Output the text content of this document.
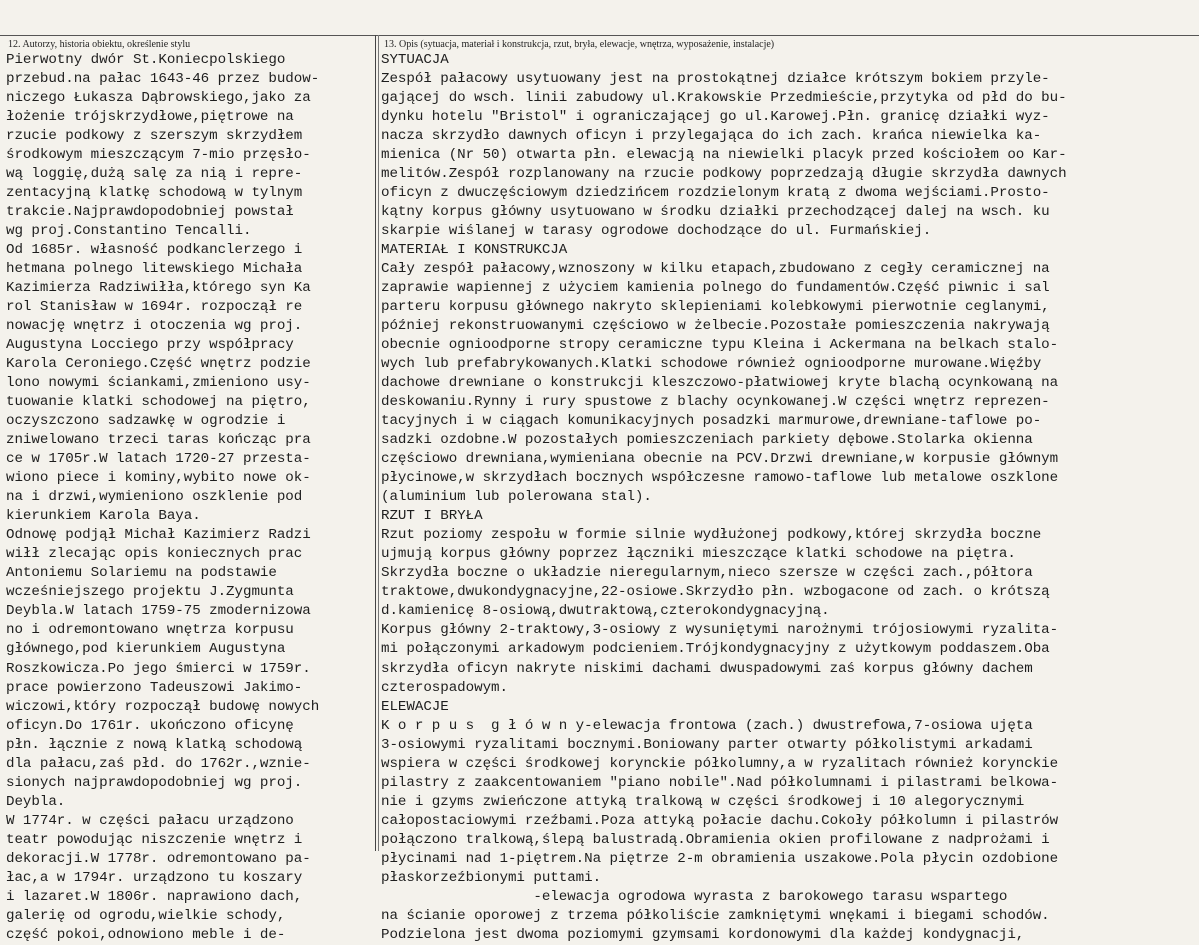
12. Autorzy, historia obiektu, określenie stylu	13. Opis (sytuacja, materiał i konstrukcja, rzut, bryła, elewacje, wnętrza, wyposażenie, instalacje)
Pierwotny dwór St.Koniecpolskiego
przebud.na pałac 1643-46 przez budow-
niczego Łukasza Dąbrowskiego,jako za
łożenie trójskrzydłowe,piętrowe na
rzucie podkowy z szerszym skrzydłem
środkowym mieszczącym 7-mio przęsło-
wą loggię,dużą salę za nią i repre-
zentacyjną klatkę schodową w tylnym
trakcie.Najprawdopodobniej powstał
wg proj.Constantino Tencalli.
Od 1685r. własność podkanclerzego i
hetmana polnego litewskiego Michała
Kazimierza Radziwiłła,którego syn Ka
rol Stanisław w 1694r. rozpoczął re
nowację wnętrz i otoczenia wg proj.
Augustyna Locciego przy współpracy
Karola Ceroniego.Część wnętrz podzie
lono nowymi ściankami,zmieniono usy-
tuowanie klatki schodowej na piętro,
oczyszczono sadzawkę w ogrodzie i
zniwelowano trzeci taras kończąc pra
ce w 1705r.W latach 1720-27 przesta-
wiono piece i kominy,wybito nowe ok-
na i drzwi,wymieniono oszklenie pod
kierunkiem Karola Baya.
Odnowę podjął Michał Kazimierz Radzi
wiłł zlecając opis koniecznych prac
Antoniemu Solariemu na podstawie
wcześniejszego projektu J.Zygmunta
Deybla.W latach 1759-75 zmodernizowa
no i odremontowano wnętrza korpusu
głównego,pod kierunkiem Augustyna
Roszkowicza.Po jego śmierci w 1759r.
prace powierzono Tadeuszowi Jakimo-
wiczowi,który rozpoczął budowę nowych
oficyn.Do 1761r. ukończono oficynę
płn. łącznie z nową klatką schodową
dla pałacu,zaś płd. do 1762r.,wznie-
sionych najprawdopodobniej wg proj.
Deybla.
W 1774r. w części pałacu urządzono
teatr powodując niszczenie wnętrz i
dekoracji.W 1778r. odremontowano pa-
łac,a w 1794r. urządzono tu koszary
i lazaret.W 1806r. naprawiono dach,
galerię od ogrodu,wielkie schody,
część pokoi,odnowiono meble i de-
SYTUACJA
Zespół pałacowy usytuowany jest na prostokątnej działce krótszym bokiem przyle-
gającej do wsch. linii zabudowy ul.Krakowskie Przedmieście,przytyka od płd do bu-
dynku hotelu "Bristol" i ograniczającej go ul.Karowej.Płn. granicę działki wyz-
nacza skrzydło dawnych oficyn i przylegająca do ich zach. krańca niewielka ka-
mienica (Nr 50) otwarta płn. elewacją na niewielki placyk przed kościołem oo Kar-
melitów.Zespół rozplanowany na rzucie podkowy poprzedzają długie skrzydła dawnych
oficyn z dwuczęściowym dziedzińcem rozdzielonym kratą z dwoma wejściami.Prosto-
kątny korpus główny usytuowano w środku działki przechodzącej dalej na wsch. ku
skarpie wiślanej w tarasy ogrodowe dochodzące do ul. Furmańskiej.
MATERIAŁ I KONSTRUKCJA
Cały zespół pałacowy,wznoszony w kilku etapach,zbudowano z cegły ceramicznej na
zaprawie wapiennej z użyciem kamienia polnego do fundamentów.Część piwnic i sal
parteru korpusu głównego nakryto sklepieniami kolebkowymi pierwotnie ceglanymi,
później rekonstruowanymi częściowo w żelbecie.Pozostałe pomieszczenia nakrywają
obecnie ognioodporne stropy ceramiczne typu Kleina i Ackermana na belkach stalo-
wych lub prefabrykowanych.Klatki schodowe również ognioodporne murowane.Więźby
dachowe drewniane o konstrukcji kleszczowo-płatwiowej kryte blachą ocynkowaną na
deskowaniu.Rynny i rury spustowe z blachy ocynkowanej.W części wnętrz reprezen-
tacyjnych i w ciągach komunikacyjnych posadzki marmurowe,drewniane-taflowe po-
sadzki ozdobne.W pozostałych pomieszczeniach parkiety dębowe.Stolarka okienna
częściowo drewniana,wymieniana obecnie na PCV.Drzwi drewniane,w korpusie głównym
płycinowe,w skrzydłach bocznych współczesne ramowo-taflowe lub metalowe oszklone
(aluminium lub polerowana stal).
RZUT I BRYŁA
Rzut poziomy zespołu w formie silnie wydłużonej podkowy,której skrzydła boczne
ujmują korpus główny poprzez łączniki mieszczące klatki schodowe na piętra.
Skrzydła boczne o układzie nieregularnym,nieco szersze w części zach.,półtora
traktowe,dwukondygnacyjne,22-osiowe.Skrzydło płn. wzbogacone od zach. o krótszą
d.kamienicę 8-osiową,dwutraktową,czterokondygnacyjną.
Korpus główny 2-traktowy,3-osiowy z wysuniętymi narożnymi trójosiowymi ryzalita-
mi połączonymi arkadowym podcieniem.Trójkondygnacyjny z użytkowym poddaszem.Oba
skrzydła oficyn nakryte niskimi dachami dwuspadowymi zaś korpus główny dachem
czterospadowym.
ELEWACJE
K o r p u s  g ł ó w n y-elewacja frontowa (zach.) dwustrefowa,7-osiowa ujęta
3-osiowymi ryzalitami bocznymi.Boniowany parter otwarty półkolistymi arkadami
wspiera w części środkowej korynckie półkolumny,a w ryzalitach również korynckie
pilastry z zaakcentowaniem "piano nobile".Nad półkolumnami i pilastrami belkowa-
nie i gzyms zwieńczone attyką tralkową w części środkowej i 10 alegorycznymi
całopostaciowymi rzeźbami.Poza attyką połacie dachu.Cokoły półkolumn i pilastrów
połączono tralkową,ślepą balustradą.Obramienia okien profilowane z nadprożami i
płycinami nad 1-piętrem.Na piętrze 2-m obramienia uszakowe.Pola płycin ozdobione
płaskorzeźbionymi puttami.
-elewacja ogrodowa wyrasta z barokowego tarasu wspartego
na ścianie oporowej z trzema półkoliście zamkniętymi wnękami i biegami schodów.
Podzielona jest dwoma poziomymi gzymsami kordonowymi dla każdej kondygnacji,
